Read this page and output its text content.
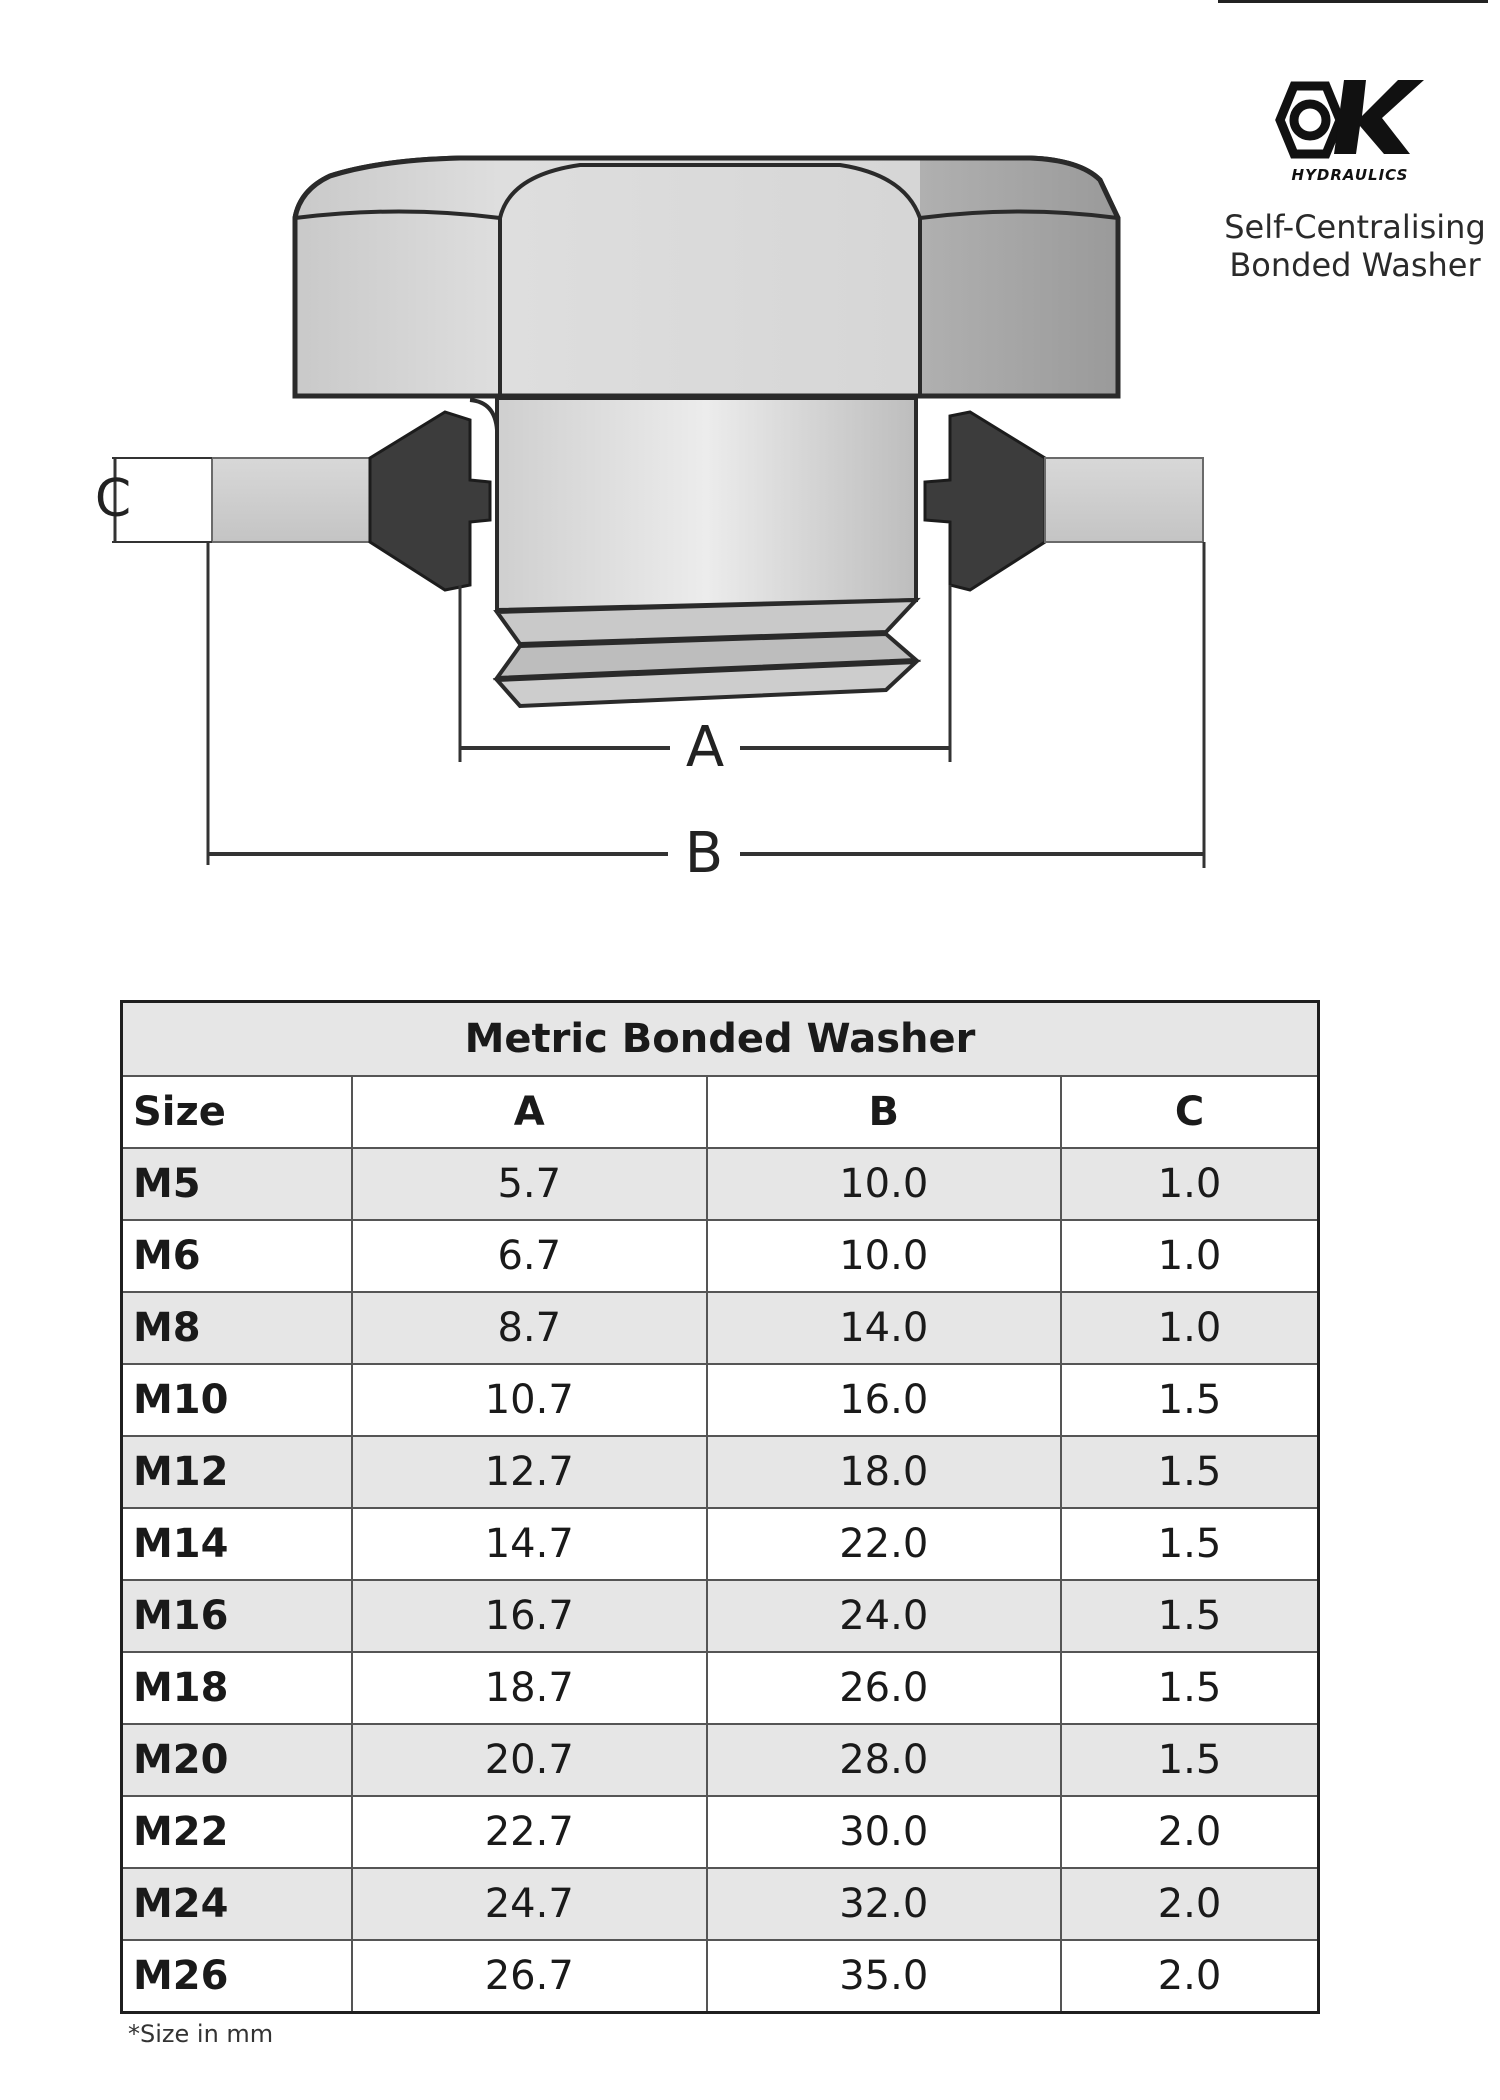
HYDRAULICS
Self-Centralising
Bonded Washer
C
A
B
Metric Bonded Washer			
Size	A	B	C
M5	5.7	10.0	1.0
M6	6.7	10.0	1.0
M8	8.7	14.0	1.0
M10	10.7	16.0	1.5
M12	12.7	18.0	1.5
M14	14.7	22.0	1.5
M16	16.7	24.0	1.5
M18	18.7	26.0	1.5
M20	20.7	28.0	1.5
M22	22.7	30.0	2.0
M24	24.7	32.0	2.0
M26	26.7	35.0	2.0
*Size in mm
